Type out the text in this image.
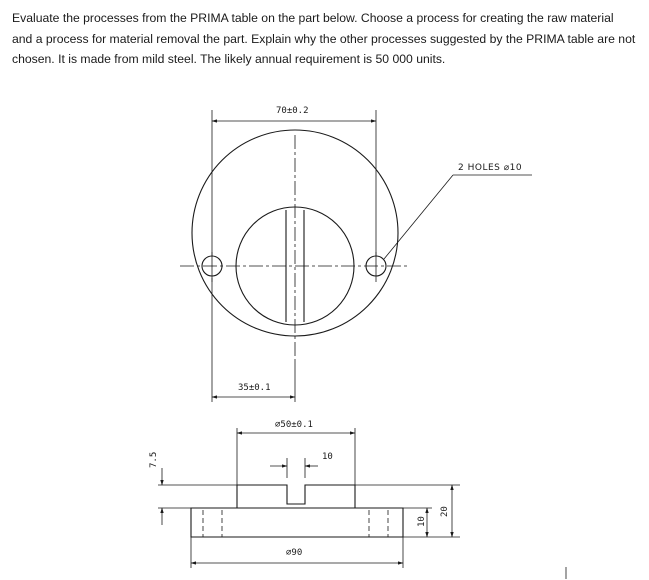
Evaluate the processes from the PRIMA table on the part below. Choose a process for creating the raw material and a process for material removal the part. Explain why the other processes suggested by the PRIMA table are not chosen. It is made from mild steel. The likely annual requirement is 50 000 units.

70±0.2
2 HOLES ⌀10
35±0.1
⌀50±0.1
10
7.5
10
20
⌀90
